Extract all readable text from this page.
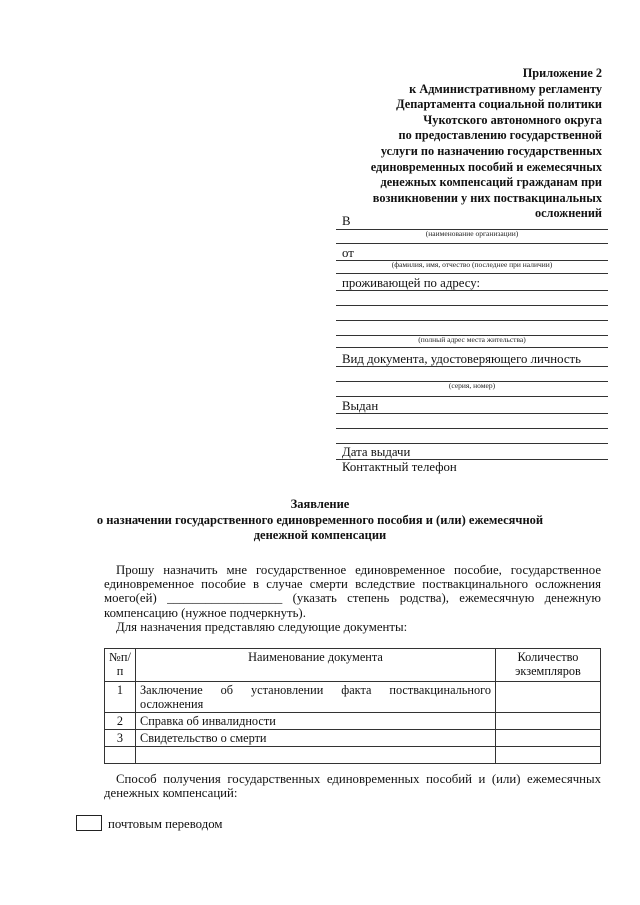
Приложение 2
к Административному регламенту
Департамента социальной политики
Чукотского автономного округа
по предоставлению государственной
услуги по назначению государственных
единовременных пособий и ежемесячных
денежных компенсаций гражданам при
возникновении у них поствакцинальных
осложнений
В
(наименование организации)
от
(фамилия, имя, отчество (последнее при наличии)
проживающей по адресу:
(полный адрес места жительства)
Вид документа, удостоверяющего личность
(серия, номер)
Выдан
Дата выдачи
Контактный телефон
Заявление
о назначении государственного единовременного пособия и (или) ежемесячной
денежной компенсации
Прошу назначить мне государственное единовременное пособие, государственное
единовременное пособие в случае смерти вследствие поствакцинального осложнения
моего(ей) __________________ (указать степень родства), ежемесячную денежную
компенсацию (нужное подчеркнуть).
Для назначения представляю следующие документы:
№п/п	Наименование документа	Количество экземпляров
1	Заключение об установлении факта поствакцинального
осложнения	
2	Справка об инвалидности	
3	Свидетельство о смерти	

Способ получения государственных единовременных пособий и (или) ежемесячных
денежных компенсаций:
почтовым переводом
